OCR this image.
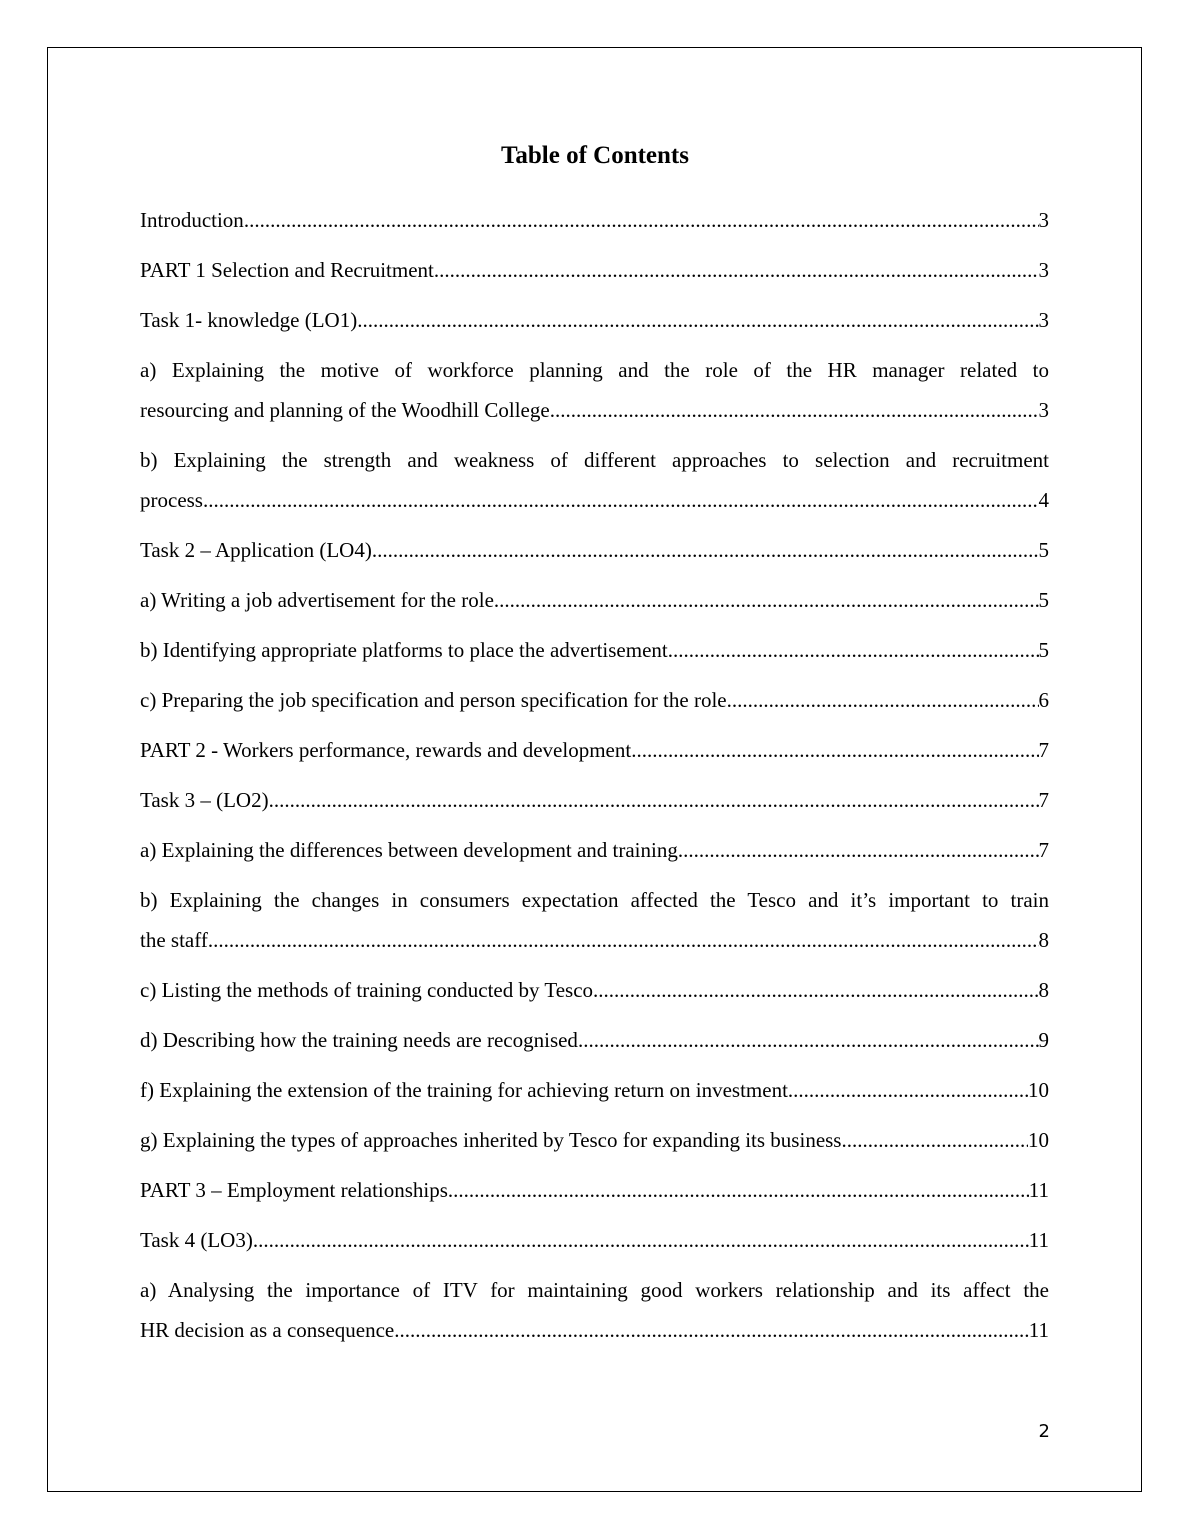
Table of Contents
Introduction .....	3
PART 1 Selection and Recruitment .....	3
Task 1- knowledge (LO1) .....	3
a) Explaining the motive of workforce planning and the role of the HR manager related to
resourcing and planning of the Woodhill College .....	3
b) Explaining the strength and weakness of different approaches to selection and recruitment
process .....	4
Task 2 – Application (LO4) .....	5
a) Writing a job advertisement for the role .....	5
b) Identifying appropriate platforms to place the advertisement .....	5
c) Preparing the job specification and person specification for the role .....	6
PART 2 - Workers performance, rewards and development .....	7
Task 3 – (LO2) .....	7
a) Explaining the differences between development and training .....	7
b) Explaining the changes in consumers expectation affected the Tesco and it’s important to train
the staff .....	8
c) Listing the methods of training conducted by Tesco .....	8
d) Describing how the training needs are recognised .....	9
f) Explaining the extension of the training for achieving return on investment .....	10
g) Explaining the types of approaches inherited by Tesco for expanding its business .....	10
PART 3 – Employment relationships .....	11
Task 4 (LO3) .....	11
a) Analysing the importance of ITV for maintaining good workers relationship and its affect the
HR decision as a consequence .....	11
2
